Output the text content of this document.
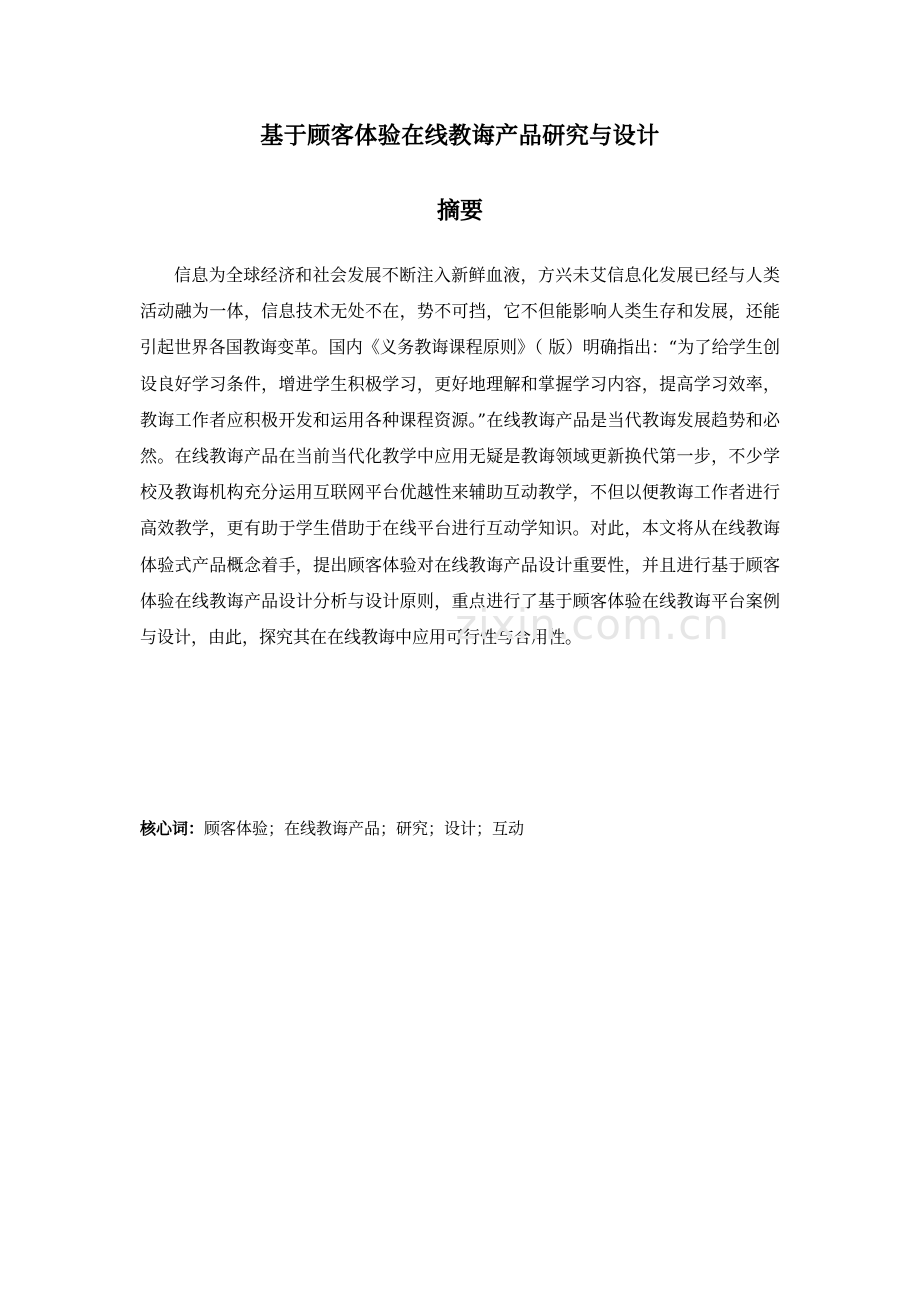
基于顾客体验在线教诲产品研究与设计
摘要

信息为全球经济和社会发展不断注入新鲜血液，方兴未艾信息化发展已经与人类活动融为一体，信息技术无处不在，势不可挡，它不但能影响人类生存和发展，还能引起世界各国教诲变革。国内《义务教诲课程原则》（ 版）明确指出：“为了给学生创设良好学习条件，增进学生积极学习，更好地理解和掌握学习内容，提高学习效率，教诲工作者应积极开发和运用各种课程资源。”在线教诲产品是当代教诲发展趋势和必然。在线教诲产品在当前当代化教学中应用无疑是教诲领域更新换代第一步，不少学校及教诲机构充分运用互联网平台优越性来辅助互动教学，不但以便教诲工作者进行高效教学，更有助于学生借助于在线平台进行互动学知识。对此，本文将从在线教诲体验式产品概念着手，提出顾客体验对在线教诲产品设计重要性，并且进行基于顾客体验在线教诲产品设计分析与设计原则，重点进行了基于顾客体验在线教诲平台案例与设计，由此，探究其在在线教诲中应用可行性与合用性。

核心词：顾客体验；在线教诲产品；研究；设计；互动
zixin.com.cn
